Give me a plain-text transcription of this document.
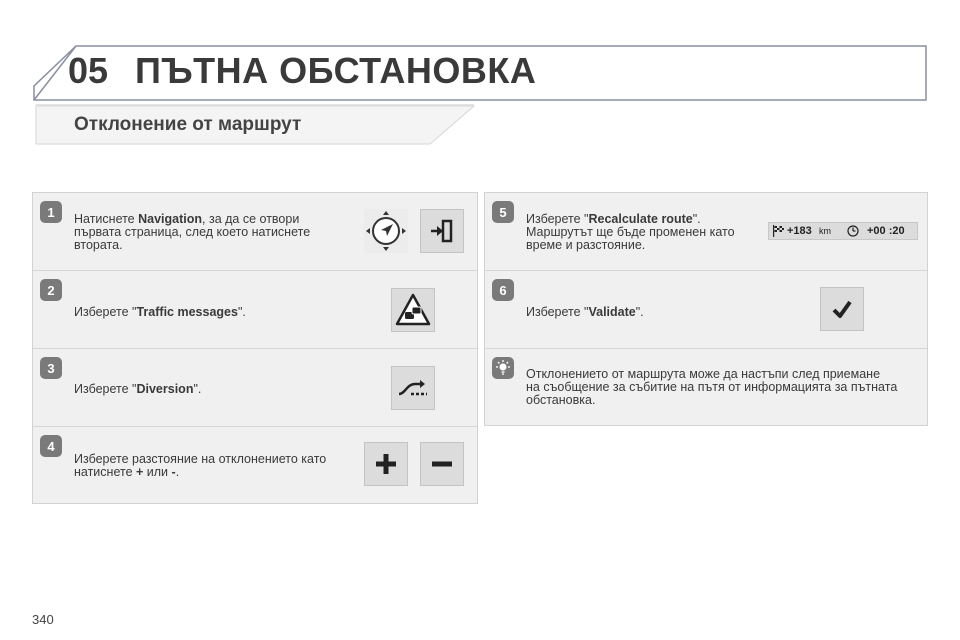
05 ПЪТНА ОБСТАНОВКА
Отклонение от маршрут
1	Натиснете Navigation, за да се отвори
първата страница, след което натиснете
втората.
2
Изберете "Traffic messages".
3
Изберете "Diversion".
4
Изберете разстояние на отклонението като
натиснете + или -.
5	Изберете "Recalculate route".
Маршрутът ще бъде променен като
време и разстояние.
+183 km	+00 :20
6
Изберете "Validate".
Отклонението от маршрута може да настъпи след приемане
на съобщение за събитие на пътя от информацията за пътната
обстановка.
340
